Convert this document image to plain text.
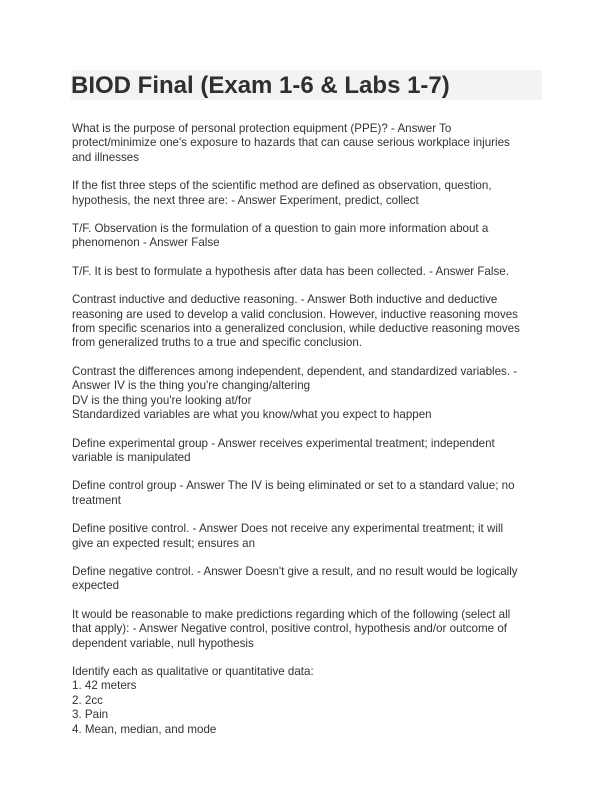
BIOD Final (Exam 1-6 & Labs 1-7)

What is the purpose of personal protection equipment (PPE)? - Answer To
protect/minimize one's exposure to hazards that can cause serious workplace injuries
and illnesses

If the fist three steps of the scientific method are defined as observation, question,
hypothesis, the next three are: - Answer Experiment, predict, collect

T/F. Observation is the formulation of a question to gain more information about a
phenomenon - Answer False

T/F. It is best to formulate a hypothesis after data has been collected. - Answer False.

Contrast inductive and deductive reasoning. - Answer Both inductive and deductive
reasoning are used to develop a valid conclusion. However, inductive reasoning moves
from specific scenarios into a generalized conclusion, while deductive reasoning moves
from generalized truths to a true and specific conclusion.

Contrast the differences among independent, dependent, and standardized variables. -
Answer IV is the thing you're changing/altering
DV is the thing you're looking at/for
Standardized variables are what you know/what you expect to happen

Define experimental group - Answer receives experimental treatment; independent
variable is manipulated

Define control group - Answer The IV is being eliminated or set to a standard value; no
treatment

Define positive control. - Answer Does not receive any experimental treatment; it will
give an expected result; ensures an

Define negative control. - Answer Doesn't give a result, and no result would be logically
expected

It would be reasonable to make predictions regarding which of the following (select all
that apply): - Answer Negative control, positive control, hypothesis and/or outcome of
dependent variable, null hypothesis

Identify each as qualitative or quantitative data:
1. 42 meters
2. 2cc
3. Pain
4. Mean, median, and mode
